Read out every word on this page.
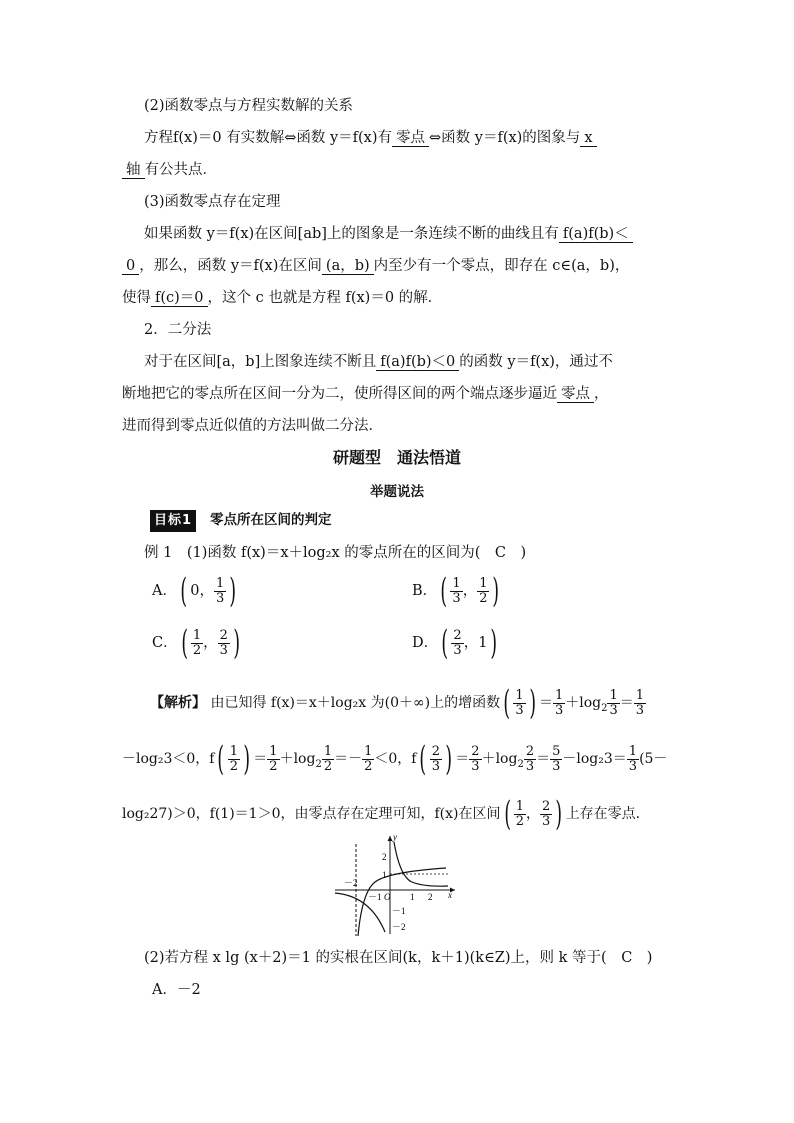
(2)函数零点与方程实数解的关系
方程f(x)＝0 有实数解⇔函数 y＝f(x)有 零点 ⇔函数 y＝f(x)的图象与 x
轴 有公共点．
(3)函数零点存在定理
如果函数 y＝f(x)在区间[ab]上的图象是一条连续不断的曲线且有 f(a)f(b)＜
0 ，那么，函数 y＝f(x)在区间 (a，b) 内至少有一个零点，即存在 c∈(a，b)，
使得 f(c)＝0 ，这个 c 也就是方程 f(x)＝0 的解．
2．二分法
对于在区间[a，b]上图象连续不断且 f(a)f(b)＜0 的函数 y＝f(x)，通过不
断地把它的零点所在区间一分为二，使所得区间的两个端点逐步逼近 零点 ，
进而得到零点近似值的方法叫做二分法．
研题型　通法悟道
举题说法
目标1 零点所在区间的判定
例 1　(1)函数 f(x)＝x＋log₂x 的零点所在的区间为(　C　)
A．( 0， $\frac{1}{3}$ )	B．( $\frac{1}{3}$ ， $\frac{1}{2}$ )
C．( $\frac{1}{2}$ ， $\frac{2}{3}$ )	D．( $\frac{2}{3}$ ，1)
【解析】 由已知得 f(x)＝x＋log₂x 为(0＋∞)上的增函数( $\frac{1}{3}$ ) ＝ $\frac{1}{3} +\log_2 \frac{1}{3} = \frac{1}{3}$
－log₂3＜0，$f( \frac{1}{2}$ ) ＝ $\frac{1}{2} +\log_2 \frac{1}{2} =- \frac{1}{2} <0$，$f( \frac{2}{3}$ ) ＝ $\frac{2}{3} +\log_2 \frac{2}{3} = \frac{5}{3} -\log_23= \frac{1}{3} (5-$
log₂27)＞0，f(1)＝1＞0，由零点存在定理可知，f(x)在区间( $\frac{1}{2}$ ， $\frac{2}{3}$ ) 上存在零点．
－2
－1 O 1 2 x
y
2
1
－1
－2
(2)若方程 x lg (x＋2)＝1 的实根在区间(k，k＋1)(k∈Z)上，则 k 等于(　C　)
A．－2
